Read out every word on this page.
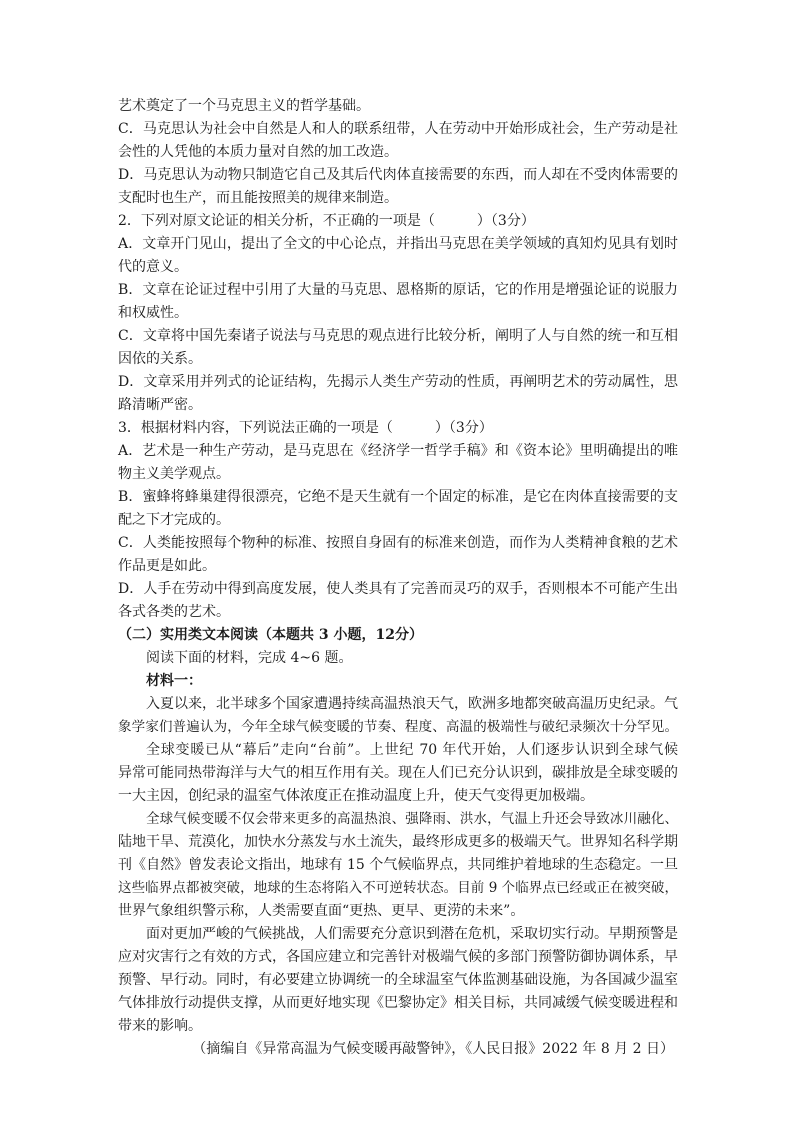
艺术奠定了一个马克思主义的哲学基础。
C．马克思认为社会中自然是人和人的联系纽带，人在劳动中开始形成社会，生产劳动是社
会性的人凭他的本质力量对自然的加工改造。
D．马克思认为动物只制造它自己及其后代肉体直接需要的东西，而人却在不受肉体需要的
支配时也生产，而且能按照美的规律来制造。
2．下列对原文论证的相关分析，不正确的一项是（　　　）（3分）
A．文章开门见山，提出了全文的中心论点，并指出马克思在美学领域的真知灼见具有划时
代的意义。
B．文章在论证过程中引用了大量的马克思、恩格斯的原话，它的作用是增强论证的说服力
和权威性。
C．文章将中国先秦诸子说法与马克思的观点进行比较分析，阐明了人与自然的统一和互相
因依的关系。
D．文章采用并列式的论证结构，先揭示人类生产劳动的性质，再阐明艺术的劳动属性，思
路清晰严密。
3．根据材料内容，下列说法正确的一项是（　　　）（3分）
A．艺术是一种生产劳动，是马克思在《经济学一哲学手稿》和《资本论》里明确提出的唯
物主义美学观点。
B．蜜蜂将蜂巢建得很漂亮，它绝不是天生就有一个固定的标准，是它在肉体直接需要的支
配之下才完成的。
C．人类能按照每个物种的标准、按照自身固有的标准来创造，而作为人类精神食粮的艺术
作品更是如此。
D．人手在劳动中得到高度发展，使人类具有了完善而灵巧的双手，否则根本不可能产生出
各式各类的艺术。
（二）实用类文本阅读（本题共 3 小题，12分）
阅读下面的材料，完成 4~6 题。
材料一：
入夏以来，北半球多个国家遭遇持续高温热浪天气，欧洲多地都突破高温历史纪录。气
象学家们普遍认为，今年全球气候变暖的节奏、程度、高温的极端性与破纪录频次十分罕见。
全球变暖已从“幕后”走向“台前”。上世纪 70 年代开始，人们逐步认识到全球气候
异常可能同热带海洋与大气的相互作用有关。现在人们已充分认识到，碳排放是全球变暖的
一大主因，创纪录的温室气体浓度正在推动温度上升，使天气变得更加极端。
全球气候变暖不仅会带来更多的高温热浪、强降雨、洪水，气温上升还会导致冰川融化、
陆地干旱、荒漠化，加快水分蒸发与水土流失，最终形成更多的极端天气。世界知名科学期
刊《自然》曾发表论文指出，地球有 15 个气候临界点，共同维护着地球的生态稳定。一旦
这些临界点都被突破，地球的生态将陷入不可逆转状态。目前 9 个临界点已经或正在被突破，
世界气象组织警示称，人类需要直面“更热、更早、更涝的未来”。
面对更加严峻的气候挑战，人们需要充分意识到潜在危机，采取切实行动。早期预警是
应对灾害行之有效的方式，各国应建立和完善针对极端气候的多部门预警防御协调体系，早
预警、早行动。同时，有必要建立协调统一的全球温室气体监测基础设施，为各国减少温室
气体排放行动提供支撑，从而更好地实现《巴黎协定》相关目标，共同减缓气候变暖进程和
带来的影响。
（摘编自《异常高温为气候变暖再敲警钟》，《人民日报》2022 年 8 月 2 日）
